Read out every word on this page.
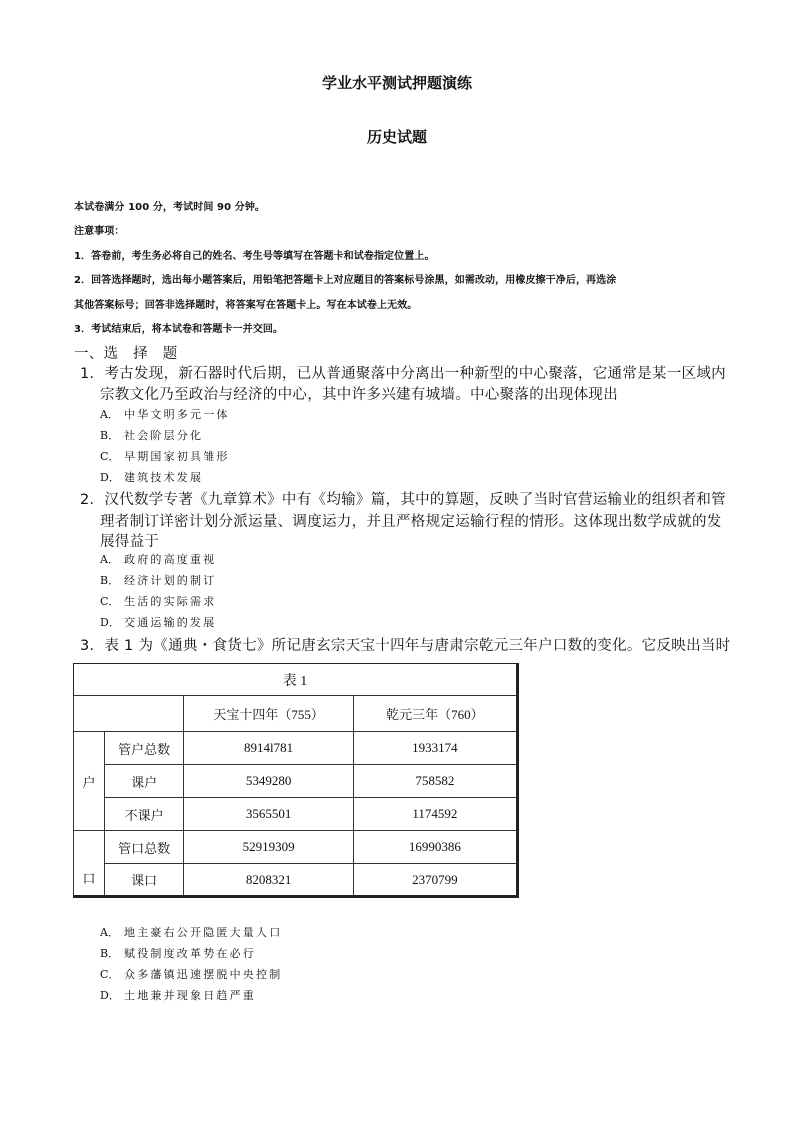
学业水平测试押题演练
历史试题
本试卷满分 100 分，考试时间 90 分钟。
注意事项：
1．答卷前，考生务必将自己的姓名、考生号等填写在答题卡和试卷指定位置上。
2．回答选择题时，选出每小题答案后，用铅笔把答题卡上对应题目的答案标号涂黑，如需改动，用橡皮擦干净后，再选涂
其他答案标号；回答非选择题时，将答案写在答题卡上。写在本试卷上无效。
3．考试结束后，将本试卷和答题卡一并交回。
一、选　择　题
1．考古发现，新石器时代后期，已从普通聚落中分离出一种新型的中心聚落，它通常是某一区域内
宗教文化乃至政治与经济的中心，其中许多兴建有城墙。中心聚落的出现体现出
A． 中华文明多元一体
B． 社会阶层分化
C． 早期国家初具雏形
D． 建筑技术发展
2．汉代数学专著《九章算术》中有《均输》篇，其中的算题，反映了当时官营运输业的组织者和管
理者制订详密计划分派运量、调度运力，并且严格规定运输行程的情形。这体现出数学成就的发
展得益于
A． 政府的高度重视
B． 经济计划的制订
C． 生活的实际需求
D． 交通运输的发展
3．表 1 为《通典・食货七》所记唐玄宗天宝十四年与唐肃宗乾元三年户口数的变化。它反映出当时
表 1			
		天宝十四年（755）	乾元三年（760）
户	管户总数	8914l781	1933174
	课户	5349280	758582
	不课户	3565501	1174592
口	管口总数	52919309	16990386
	课口	8208321	2370799
A． 地主豪右公开隐匿大量人口
B． 赋役制度改革势在必行
C． 众多藩镇迅速摆脱中央控制
D． 土地兼并现象日趋严重
